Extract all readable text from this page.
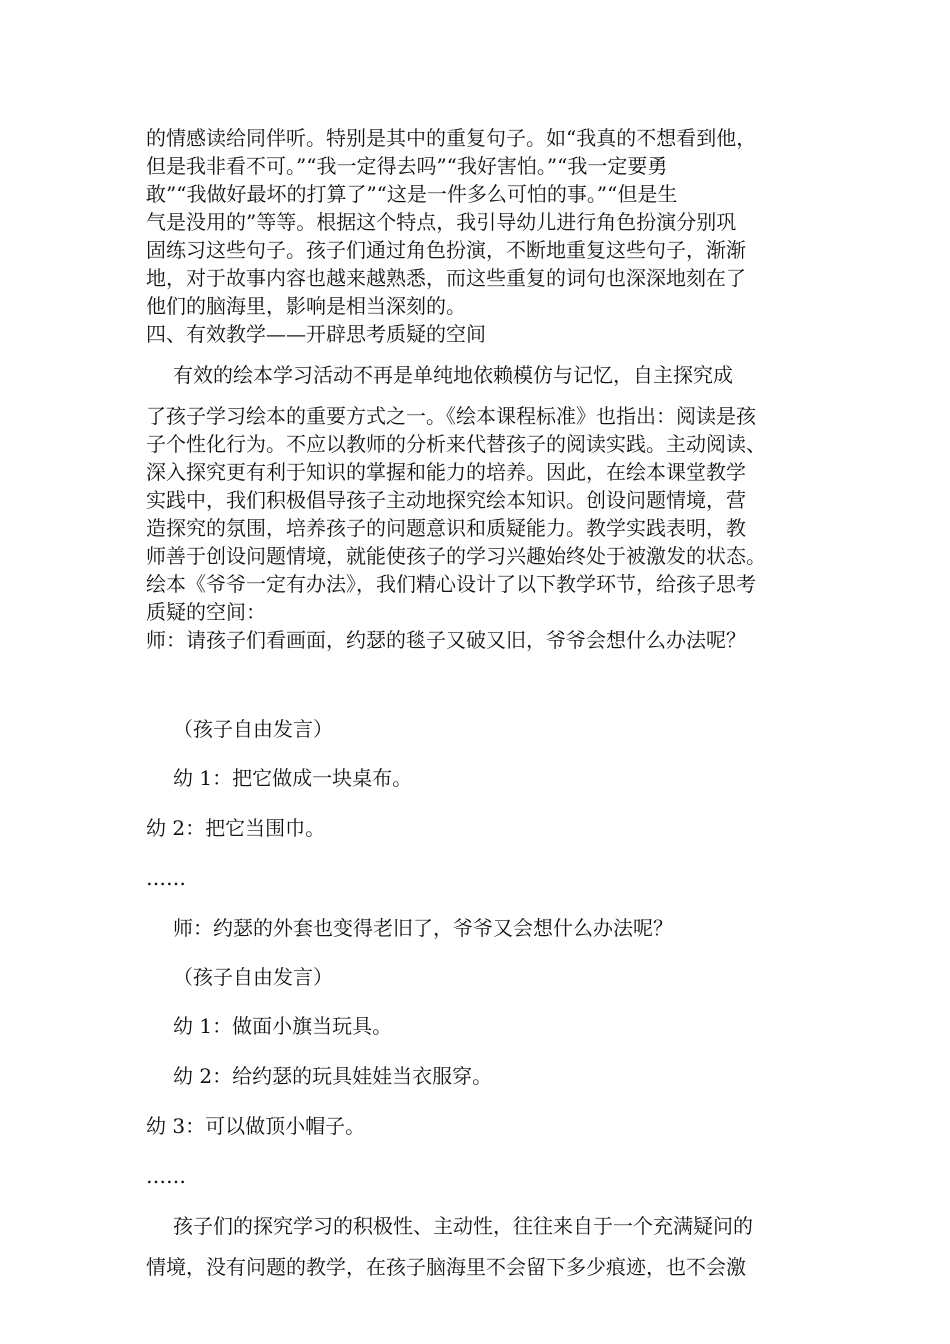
的情感读给同伴听。特别是其中的重复句子。如“我真的不想看到他，
但是我非看不可。”“我一定得去吗”“我好害怕。”“我一定要勇
敢”“我做好最坏的打算了”“这是一件多么可怕的事。”“但是生
气是没用的”等等。根据这个特点，我引导幼儿进行角色扮演分别巩
固练习这些句子。孩子们通过角色扮演，不断地重复这些句子，渐渐
地，对于故事内容也越来越熟悉，而这些重复的词句也深深地刻在了
他们的脑海里，影响是相当深刻的。
四、有效教学——开辟思考质疑的空间
有效的绘本学习活动不再是单纯地依赖模仿与记忆，自主探究成
了孩子学习绘本的重要方式之一。《绘本课程标准》也指出：阅读是孩
子个性化行为。不应以教师的分析来代替孩子的阅读实践。主动阅读、
深入探究更有利于知识的掌握和能力的培养。因此，在绘本课堂教学
实践中，我们积极倡导孩子主动地探究绘本知识。创设问题情境，营
造探究的氛围，培养孩子的问题意识和质疑能力。教学实践表明，教
师善于创设问题情境，就能使孩子的学习兴趣始终处于被激发的状态。
绘本《爷爷一定有办法》，我们精心设计了以下教学环节，给孩子思考
质疑的空间：
师：请孩子们看画面，约瑟的毯子又破又旧，爷爷会想什么办法呢？
（孩子自由发言）
幼 1：把它做成一块桌布。
幼 2：把它当围巾。
……
师：约瑟的外套也变得老旧了，爷爷又会想什么办法呢？
（孩子自由发言）
幼 1：做面小旗当玩具。
幼 2：给约瑟的玩具娃娃当衣服穿。
幼 3：可以做顶小帽子。
……
孩子们的探究学习的积极性、主动性，往往来自于一个充满疑问的
情境，没有问题的教学，在孩子脑海里不会留下多少痕迹，也不会激
